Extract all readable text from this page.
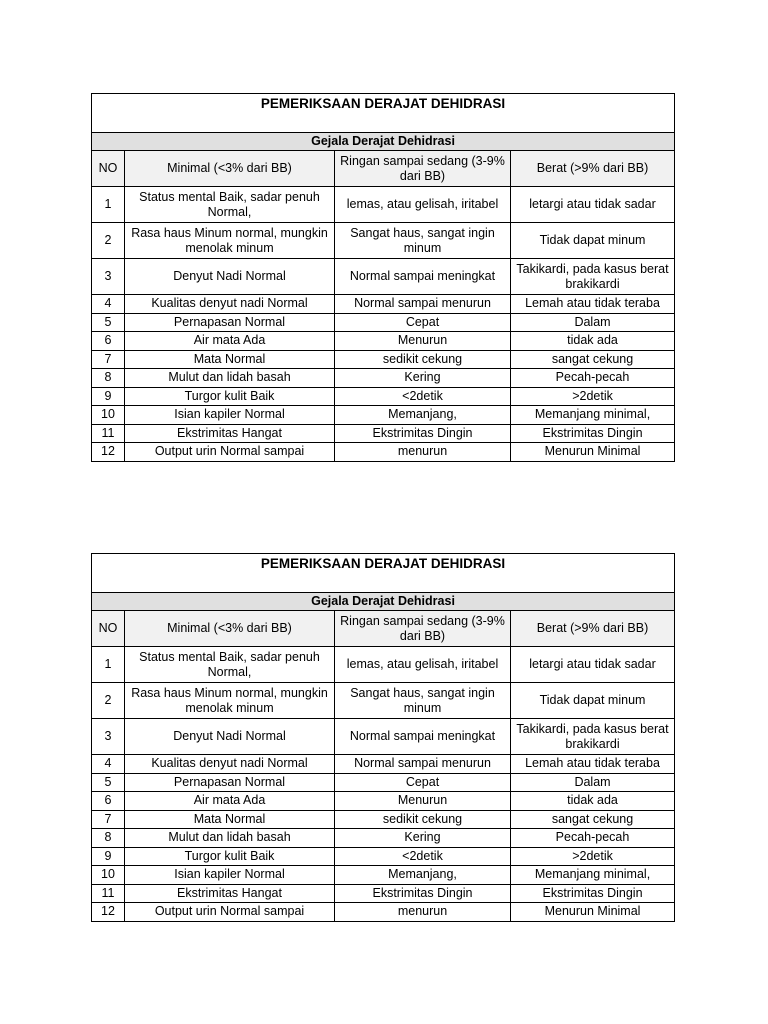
PEMERIKSAAN DERAJAT DEHIDRASI			
Gejala Derajat Dehidrasi			
NO	Minimal (<3% dari BB)	Ringan sampai sedang (3-9% dari BB)	Berat (>9% dari BB)
1	Status mental Baik, sadar penuh Normal,	lemas, atau gelisah, iritabel	letargi atau tidak sadar
2	Rasa haus Minum normal, mungkin menolak minum	Sangat haus, sangat ingin minum	Tidak dapat minum
3	Denyut Nadi Normal	Normal sampai meningkat	Takikardi, pada kasus berat brakikardi
4	Kualitas denyut nadi Normal	Normal sampai menurun	Lemah atau tidak teraba
5	Pernapasan Normal	Cepat	Dalam
6	Air mata Ada	Menurun	tidak ada
7	Mata Normal	sedikit cekung	sangat cekung
8	Mulut dan lidah basah	Kering	Pecah-pecah
9	Turgor kulit Baik	<2detik	>2detik
10	Isian kapiler Normal	Memanjang,	Memanjang minimal,
11	Ekstrimitas Hangat	Ekstrimitas Dingin	Ekstrimitas Dingin
12	Output urin Normal sampai	menurun	Menurun Minimal
PEMERIKSAAN DERAJAT DEHIDRASI			
Gejala Derajat Dehidrasi			
NO	Minimal (<3% dari BB)	Ringan sampai sedang (3-9% dari BB)	Berat (>9% dari BB)
1	Status mental Baik, sadar penuh Normal,	lemas, atau gelisah, iritabel	letargi atau tidak sadar
2	Rasa haus Minum normal, mungkin menolak minum	Sangat haus, sangat ingin minum	Tidak dapat minum
3	Denyut Nadi Normal	Normal sampai meningkat	Takikardi, pada kasus berat brakikardi
4	Kualitas denyut nadi Normal	Normal sampai menurun	Lemah atau tidak teraba
5	Pernapasan Normal	Cepat	Dalam
6	Air mata Ada	Menurun	tidak ada
7	Mata Normal	sedikit cekung	sangat cekung
8	Mulut dan lidah basah	Kering	Pecah-pecah
9	Turgor kulit Baik	<2detik	>2detik
10	Isian kapiler Normal	Memanjang,	Memanjang minimal,
11	Ekstrimitas Hangat	Ekstrimitas Dingin	Ekstrimitas Dingin
12	Output urin Normal sampai	menurun	Menurun Minimal
